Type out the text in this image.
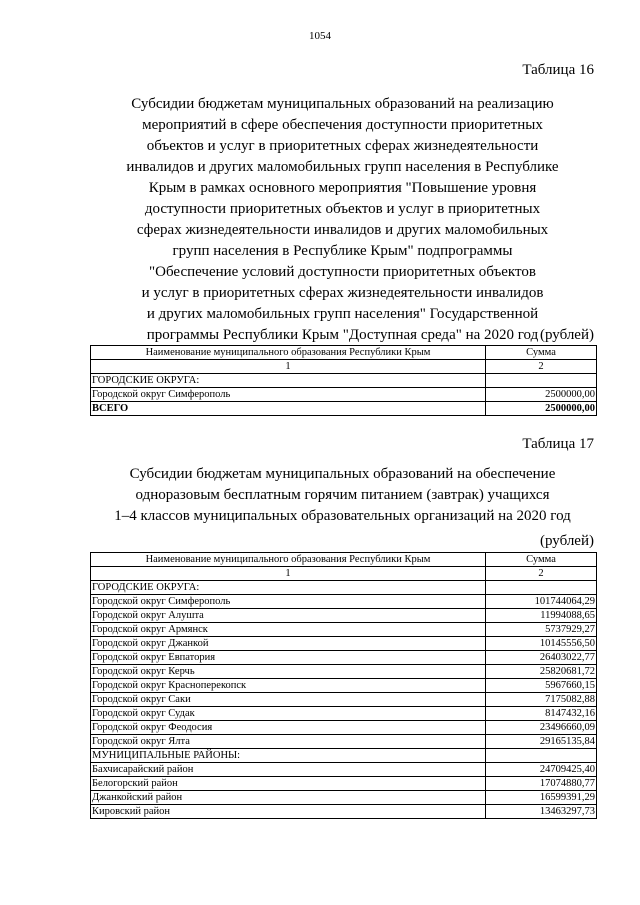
1054
Таблица 16
Субсидии бюджетам муниципальных образований на реализацию
мероприятий в сфере обеспечения доступности приоритетных
объектов и услуг в приоритетных сферах жизнедеятельности
инвалидов и других маломобильных групп населения в Республике
Крым в рамках основного мероприятия "Повышение уровня
доступности приоритетных объектов и услуг в приоритетных
сферах жизнедеятельности инвалидов и других маломобильных
групп населения в Республике Крым" подпрограммы
"Обеспечение условий доступности приоритетных объектов
и услуг в приоритетных сферах жизнедеятельности инвалидов
и других маломобильных групп населения" Государственной
программы Республики Крым "Доступная среда" на 2020 год (рублей)
Наименование муниципального образования Республики Крым	Сумма
1	2
ГОРОДСКИЕ ОКРУГА:	
Городской округ Симферополь	2500000,00
ВСЕГО	2500000,00
Таблица 17
Субсидии бюджетам муниципальных образований на обеспечение
одноразовым бесплатным горячим питанием (завтрак) учащихся
1–4 классов муниципальных образовательных организаций на 2020 год
(рублей)
Наименование муниципального образования Республики Крым	Сумма
1	2
ГОРОДСКИЕ ОКРУГА:	
Городской округ Симферополь	101744064,29
Городской округ Алушта	11994088,65
Городской округ Армянск	5737929,27
Городской округ Джанкой	10145556,50
Городской округ Евпатория	26403022,77
Городской округ Керчь	25820681,72
Городской округ Красноперекопск	5967660,15
Городской округ Саки	7175082,88
Городской округ Судак	8147432,16
Городской округ Феодосия	23496660,09
Городской округ Ялта	29165135,84
МУНИЦИПАЛЬНЫЕ РАЙОНЫ:	
Бахчисарайский район	24709425,40
Белогорский район	17074880,77
Джанкойский район	16599391,29
Кировский район	13463297,73
